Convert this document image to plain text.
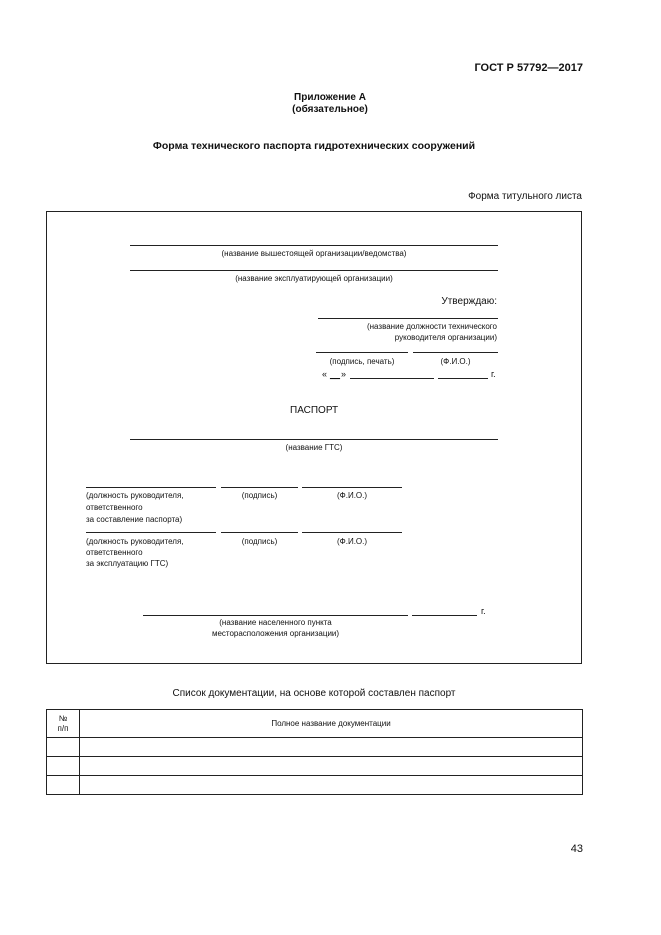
ГОСТ Р 57792—2017
Приложение А
(обязательное)
Форма технического паспорта гидротехнических сооружений
Форма титульного листа
(название вышестоящей организации/ведомства)
(название эксплуатирующей организации)
Утверждаю:
(название должности технического
руководителя организации)
(подпись, печать)	(Ф.И.О.)
« __ »	г.
ПАСПОРТ
(название ГТС)
(должность руководителя,
ответственного
за составление паспорта)
(подпись)	(Ф.И.О.)
(должность руководителя,
ответственного
за эксплуатацию ГТС)
(подпись)	(Ф.И.О.)
г.
(название населенного пункта
месторасположения организации)
Список документации, на основе которой составлен паспорт
№
п/п	Полное название документации

43
